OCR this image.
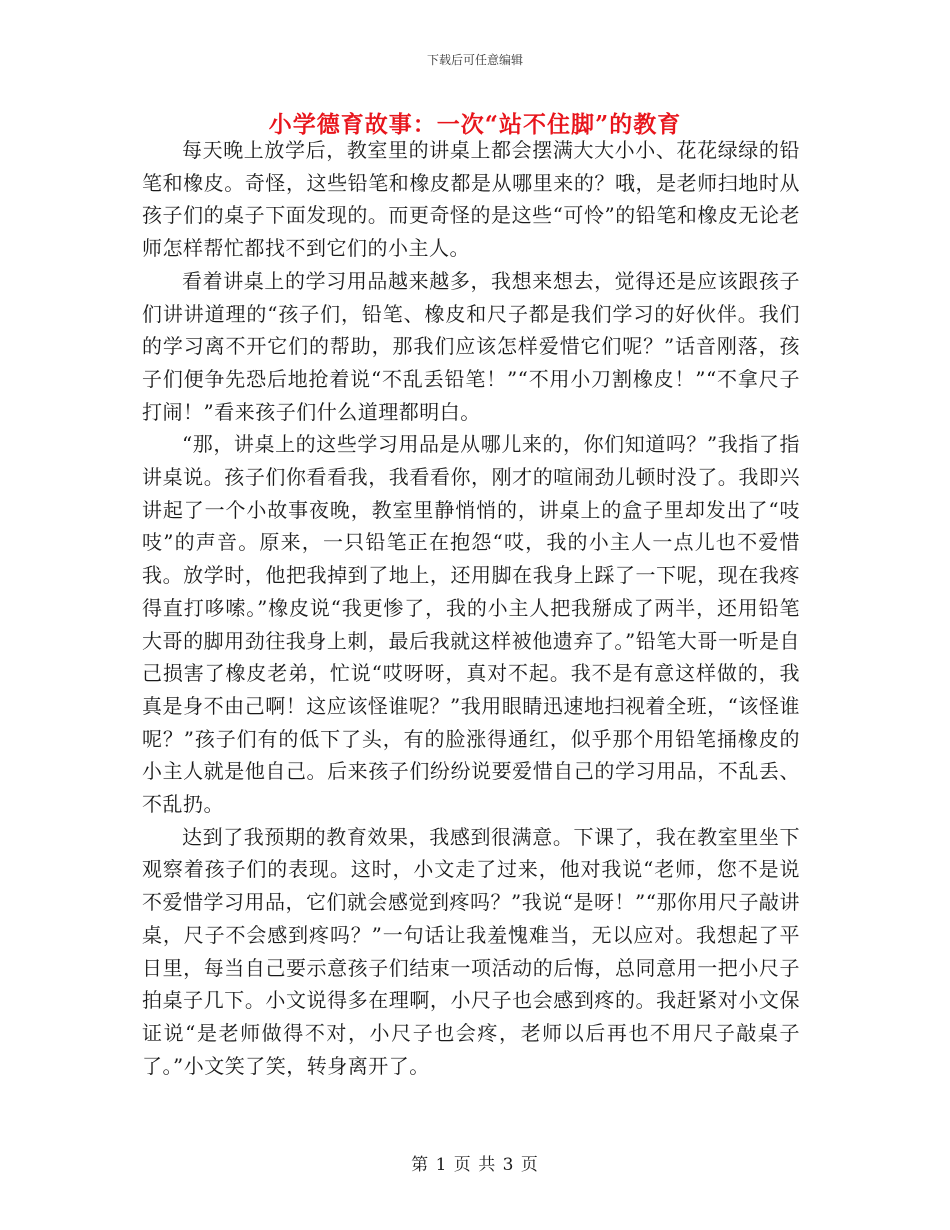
下载后可任意编辑
小学德育故事：一次“站不住脚”的教育

每天晚上放学后，教室里的讲桌上都会摆满大大小小、花花绿绿的铅笔和橡皮。奇怪，这些铅笔和橡皮都是从哪里来的？哦，是老师扫地时从孩子们的桌子下面发现的。而更奇怪的是这些“可怜”的铅笔和橡皮无论老师怎样帮忙都找不到它们的小主人。

看着讲桌上的学习用品越来越多，我想来想去，觉得还是应该跟孩子们讲讲道理的“孩子们，铅笔、橡皮和尺子都是我们学习的好伙伴。我们的学习离不开它们的帮助，那我们应该怎样爱惜它们呢？”话音刚落，孩子们便争先恐后地抢着说“不乱丢铅笔！”“不用小刀割橡皮！”“不拿尺子打闹！”看来孩子们什么道理都明白。

“那，讲桌上的这些学习用品是从哪儿来的，你们知道吗？”我指了指讲桌说。孩子们你看看我，我看看你，刚才的喧闹劲儿顿时没了。我即兴讲起了一个小故事夜晚，教室里静悄悄的，讲桌上的盒子里却发出了“吱吱”的声音。原来，一只铅笔正在抱怨“哎，我的小主人一点儿也不爱惜我。放学时，他把我掉到了地上，还用脚在我身上踩了一下呢，现在我疼得直打哆嗦。”橡皮说“我更惨了，我的小主人把我掰成了两半，还用铅笔大哥的脚用劲往我身上刺，最后我就这样被他遗弃了。”铅笔大哥一听是自己损害了橡皮老弟，忙说“哎呀呀，真对不起。我不是有意这样做的，我真是身不由己啊！这应该怪谁呢？”我用眼睛迅速地扫视着全班，“该怪谁呢？”孩子们有的低下了头，有的脸涨得通红，似乎那个用铅笔捅橡皮的小主人就是他自己。后来孩子们纷纷说要爱惜自己的学习用品，不乱丢、不乱扔。

达到了我预期的教育效果，我感到很满意。下课了，我在教室里坐下观察着孩子们的表现。这时，小文走了过来，他对我说“老师，您不是说不爱惜学习用品，它们就会感觉到疼吗？”我说“是呀！”“那你用尺子敲讲桌，尺子不会感到疼吗？”一句话让我羞愧难当，无以应对。我想起了平日里，每当自己要示意孩子们结束一项活动的后悔，总同意用一把小尺子拍桌子几下。小文说得多在理啊，小尺子也会感到疼的。我赶紧对小文保证说“是老师做得不对，小尺子也会疼，老师以后再也不用尺子敲桌子了。”小文笑了笑，转身离开了。

第 1 页 共 3 页
